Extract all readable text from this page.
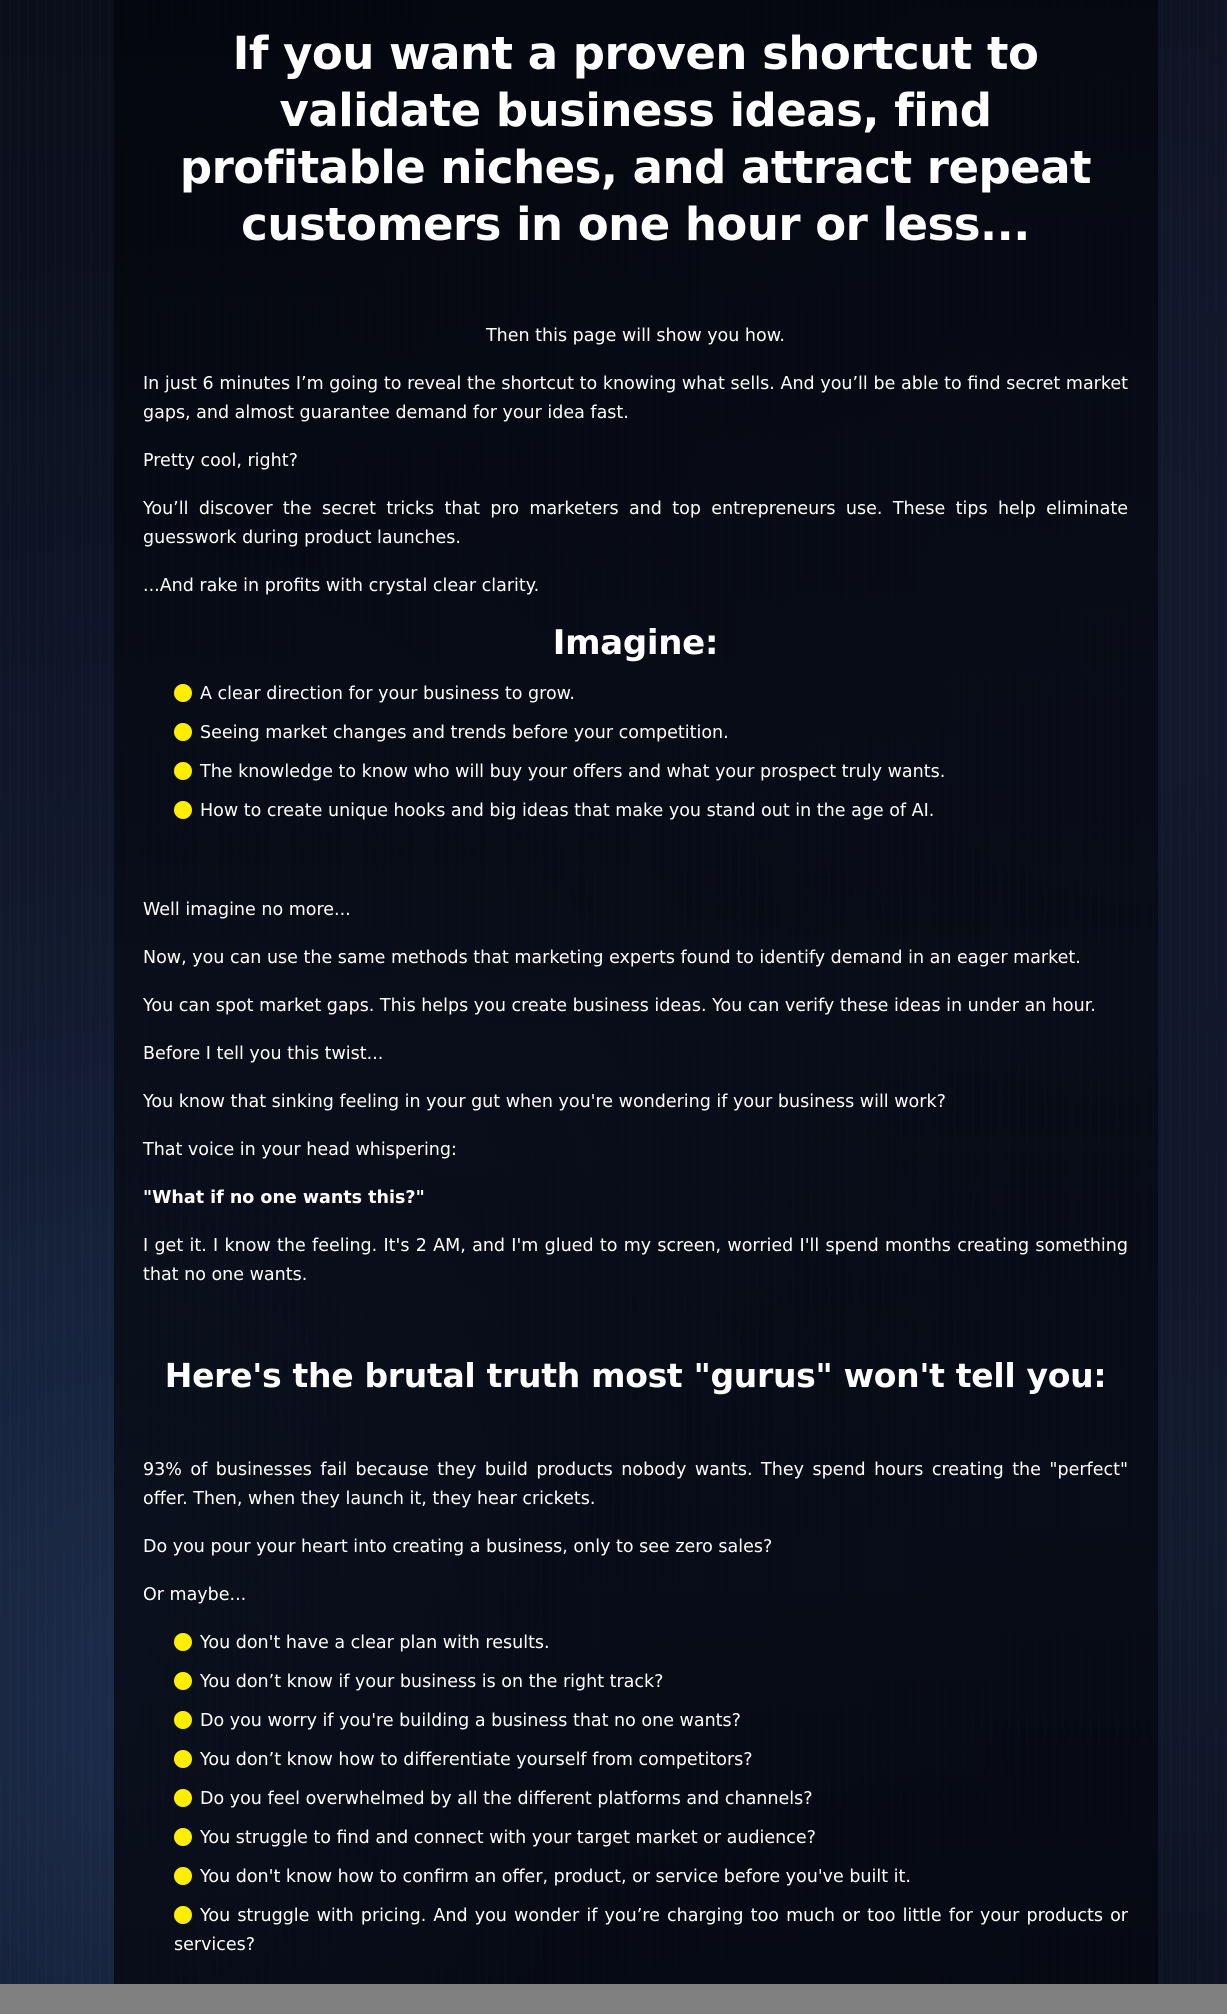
If you want a proven shortcut to validate business ideas, find profitable niches, and attract repeat customers in one hour or less...

Then this page will show you how.

In just 6 minutes I’m going to reveal the shortcut to knowing what sells. And you’ll be able to find secret market gaps, and almost guarantee demand for your idea fast.

Pretty cool, right?

You’ll discover the secret tricks that pro marketers and top entrepreneurs use. These tips help eliminate guesswork during product launches.

...And rake in profits with crystal clear clarity.

Imagine:
A clear direction for your business to grow.
Seeing market changes and trends before your competition.
The knowledge to know who will buy your offers and what your prospect truly wants.
How to create unique hooks and big ideas that make you stand out in the age of AI.

Well imagine no more...

Now, you can use the same methods that marketing experts found to identify demand in an eager market.

You can spot market gaps. This helps you create business ideas. You can verify these ideas in under an hour.

Before I tell you this twist...

You know that sinking feeling in your gut when you're wondering if your business will work?

That voice in your head whispering:

"What if no one wants this?"

I get it. I know the feeling. It's 2 AM, and I'm glued to my screen, worried I'll spend months creating something that no one wants.

Here's the brutal truth most "gurus" won't tell you:

93% of businesses fail because they build products nobody wants. They spend hours creating the "perfect" offer. Then, when they launch it, they hear crickets.

Do you pour your heart into creating a business, only to see zero sales?

Or maybe...

You don't have a clear plan with results.
You don’t know if your business is on the right track?
Do you worry if you're building a business that no one wants?
You don’t know how to differentiate yourself from competitors?
Do you feel overwhelmed by all the different platforms and channels?
You struggle to find and connect with your target market or audience?
You don't know how to confirm an offer, product, or service before you've built it.
You struggle with pricing. And you wonder if you’re charging too much or too little for your products or services?
